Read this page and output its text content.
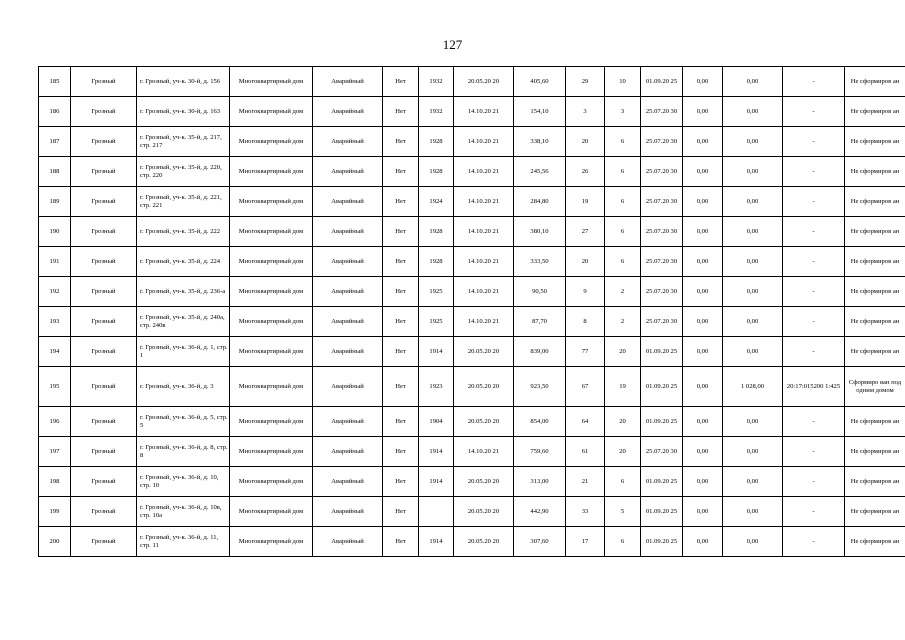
127
185	Грозный	г. Грозный, уч-к. 30-й, д. 156	Многоквартирный дом	Аварийный	Нет	1932	20.05.20 20	405,60	29	10	01.09.20 25	0,00	0,00	-	Не сформиров ан
186	Грозный	г. Грозный, уч-к. 30-й, д. 163	Многоквартирный дом	Аварийный	Нет	1932	14.10.20 21	154,10	3	3	25.07.20 30	0,00	0,00	-	Не сформиров ан
187	Грозный	г. Грозный, уч-к. 35-й, д. 217, стр. 217	Многоквартирный дом	Аварийный	Нет	1928	14.10.20 21	338,10	20	6	25.07.20 30	0,00	0,00	-	Не сформиров ан
188	Грозный	г. Грозный, уч-к. 35-й, д. 220, стр. 220	Многоквартирный дом	Аварийный	Нет	1928	14.10.20 21	245,56	26	6	25.07.20 30	0,00	0,00	-	Не сформиров ан
189	Грозный	г. Грозный, уч-к. 35-й, д. 221, стр. 221	Многоквартирный дом	Аварийный	Нет	1924	14.10.20 21	284,80	19	6	25.07.20 30	0,00	0,00	-	Не сформиров ан
190	Грозный	г. Грозный, уч-к. 35-й, д. 222	Многоквартирный дом	Аварийный	Нет	1928	14.10.20 21	380,10	27	6	25.07.20 30	0,00	0,00	-	Не сформиров ан
191	Грозный	г. Грозный, уч-к. 35-й, д. 224	Многоквартирный дом	Аварийный	Нет	1928	14.10.20 21	333,50	20	6	25.07.20 30	0,00	0,00	-	Не сформиров ан
192	Грозный	г. Грозный, уч-к. 35-й, д. 236-а	Многоквартирный дом	Аварийный	Нет	1925	14.10.20 21	90,50	9	2	25.07.20 30	0,00	0,00	-	Не сформиров ан
193	Грозный	г. Грозный, уч-к. 35-й, д. 240а, стр. 240в	Многоквартирный дом	Аварийный	Нет	1925	14.10.20 21	87,70	8	2	25.07.20 30	0,00	0,00	-	Не сформиров ан
194	Грозный	г. Грозный, уч-к. 36-й, д. 1, стр. 1	Многоквартирный дом	Аварийный	Нет	1914	20.05.20 20	839,00	77	20	01.09.20 25	0,00	0,00	-	Не сформиров ан
195	Грозный	г. Грозный, уч-к. 36-й, д. 3	Многоквартирный дом	Аварийный	Нет	1923	20.05.20 20	923,50	67	19	01.09.20 25	0,00	1 028,00	20:17:015200 1:425	Сформиро ван под одним домом
196	Грозный	г. Грозный, уч-к. 36-й, д. 5, стр. 5	Многоквартирный дом	Аварийный	Нет	1904	20.05.20 20	854,00	64	20	01.09.20 25	0,00	0,00	-	Не сформиров ан
197	Грозный	г. Грозный, уч-к. 36-й, д. 8, стр. 8	Многоквартирный дом	Аварийный	Нет	1914	14.10.20 21	759,60	61	20	25.07.20 30	0,00	0,00	-	Не сформиров ан
198	Грозный	г. Грозный, уч-к. 36-й, д. 10, стр. 10	Многоквартирный дом	Аварийный	Нет	1914	20.05.20 20	313,00	21	6	01.09.20 25	0,00	0,00	-	Не сформиров ан
199	Грозный	г. Грозный, уч-к. 36-й, д. 10в, стр. 10а	Многоквартирный дом	Аварийный	Нет		20.05.20 20	442,90	33	5	01.09.20 25	0,00	0,00	-	Не сформиров ан
200	Грозный	г. Грозный, уч-к. 36-й, д. 11, стр. 11	Многоквартирный дом	Аварийный	Нет	1914	20.05.20 20	307,60	17	6	01.09.20 25	0,00	0,00	-	Не сформиров ан
